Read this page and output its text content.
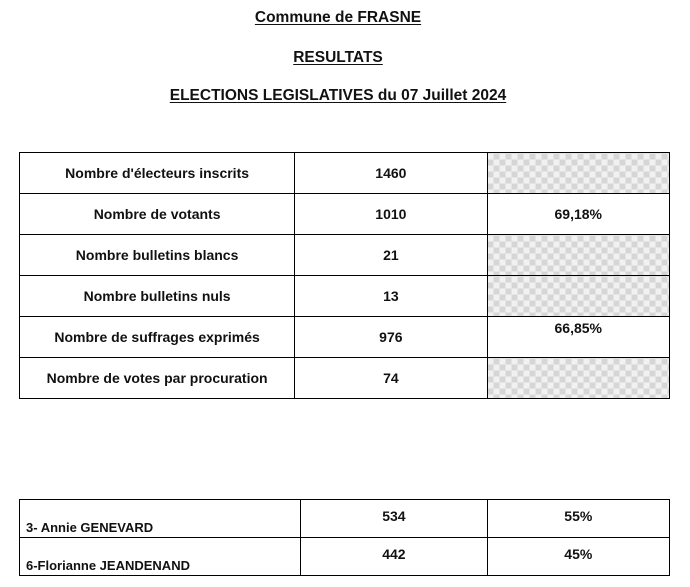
Commune de FRASNE
RESULTATS
ELECTIONS LEGISLATIVES du 07 Juillet 2024
Nombre d'électeurs inscrits	1460	
Nombre de votants	1010	69,18%
Nombre bulletins blancs	21	
Nombre bulletins nuls	13	
Nombre de suffrages exprimés	976	66,85%
Nombre de votes par procuration	74	
3- Annie GENEVARD	534	55%
6-Florianne JEANDENAND	442	45%
